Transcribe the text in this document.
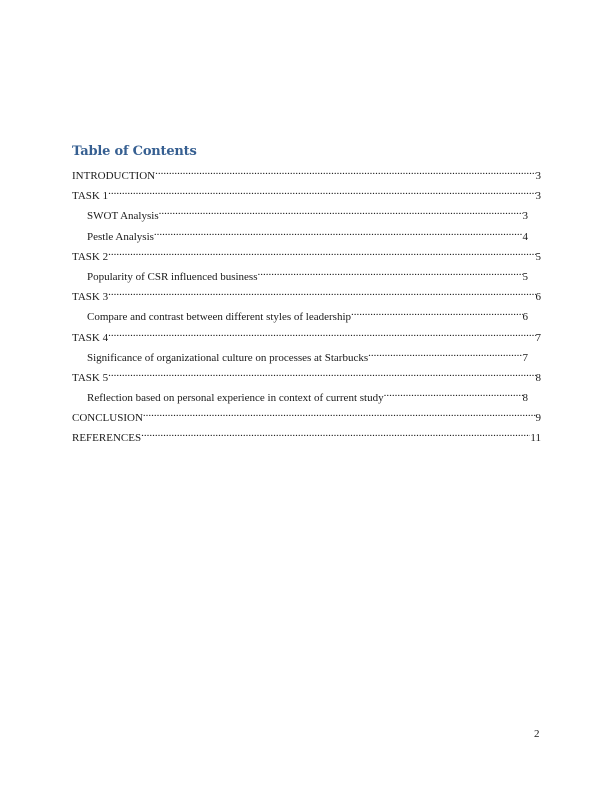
Table of Contents
INTRODUCTION .....	3
TASK 1 .....	3
SWOT Analysis .....	3
Pestle Analysis .....	4
TASK 2 .....	5
Popularity of CSR influenced business .....	5
TASK 3 .....	6
Compare and contrast between different styles of leadership .....	6
TASK 4 .....	7
Significance of organizational culture on processes at Starbucks .....	7
TASK 5 .....	8
Reflection based on personal experience in context of current study .....	8
CONCLUSION .....	9
REFERENCES .....	11
2
